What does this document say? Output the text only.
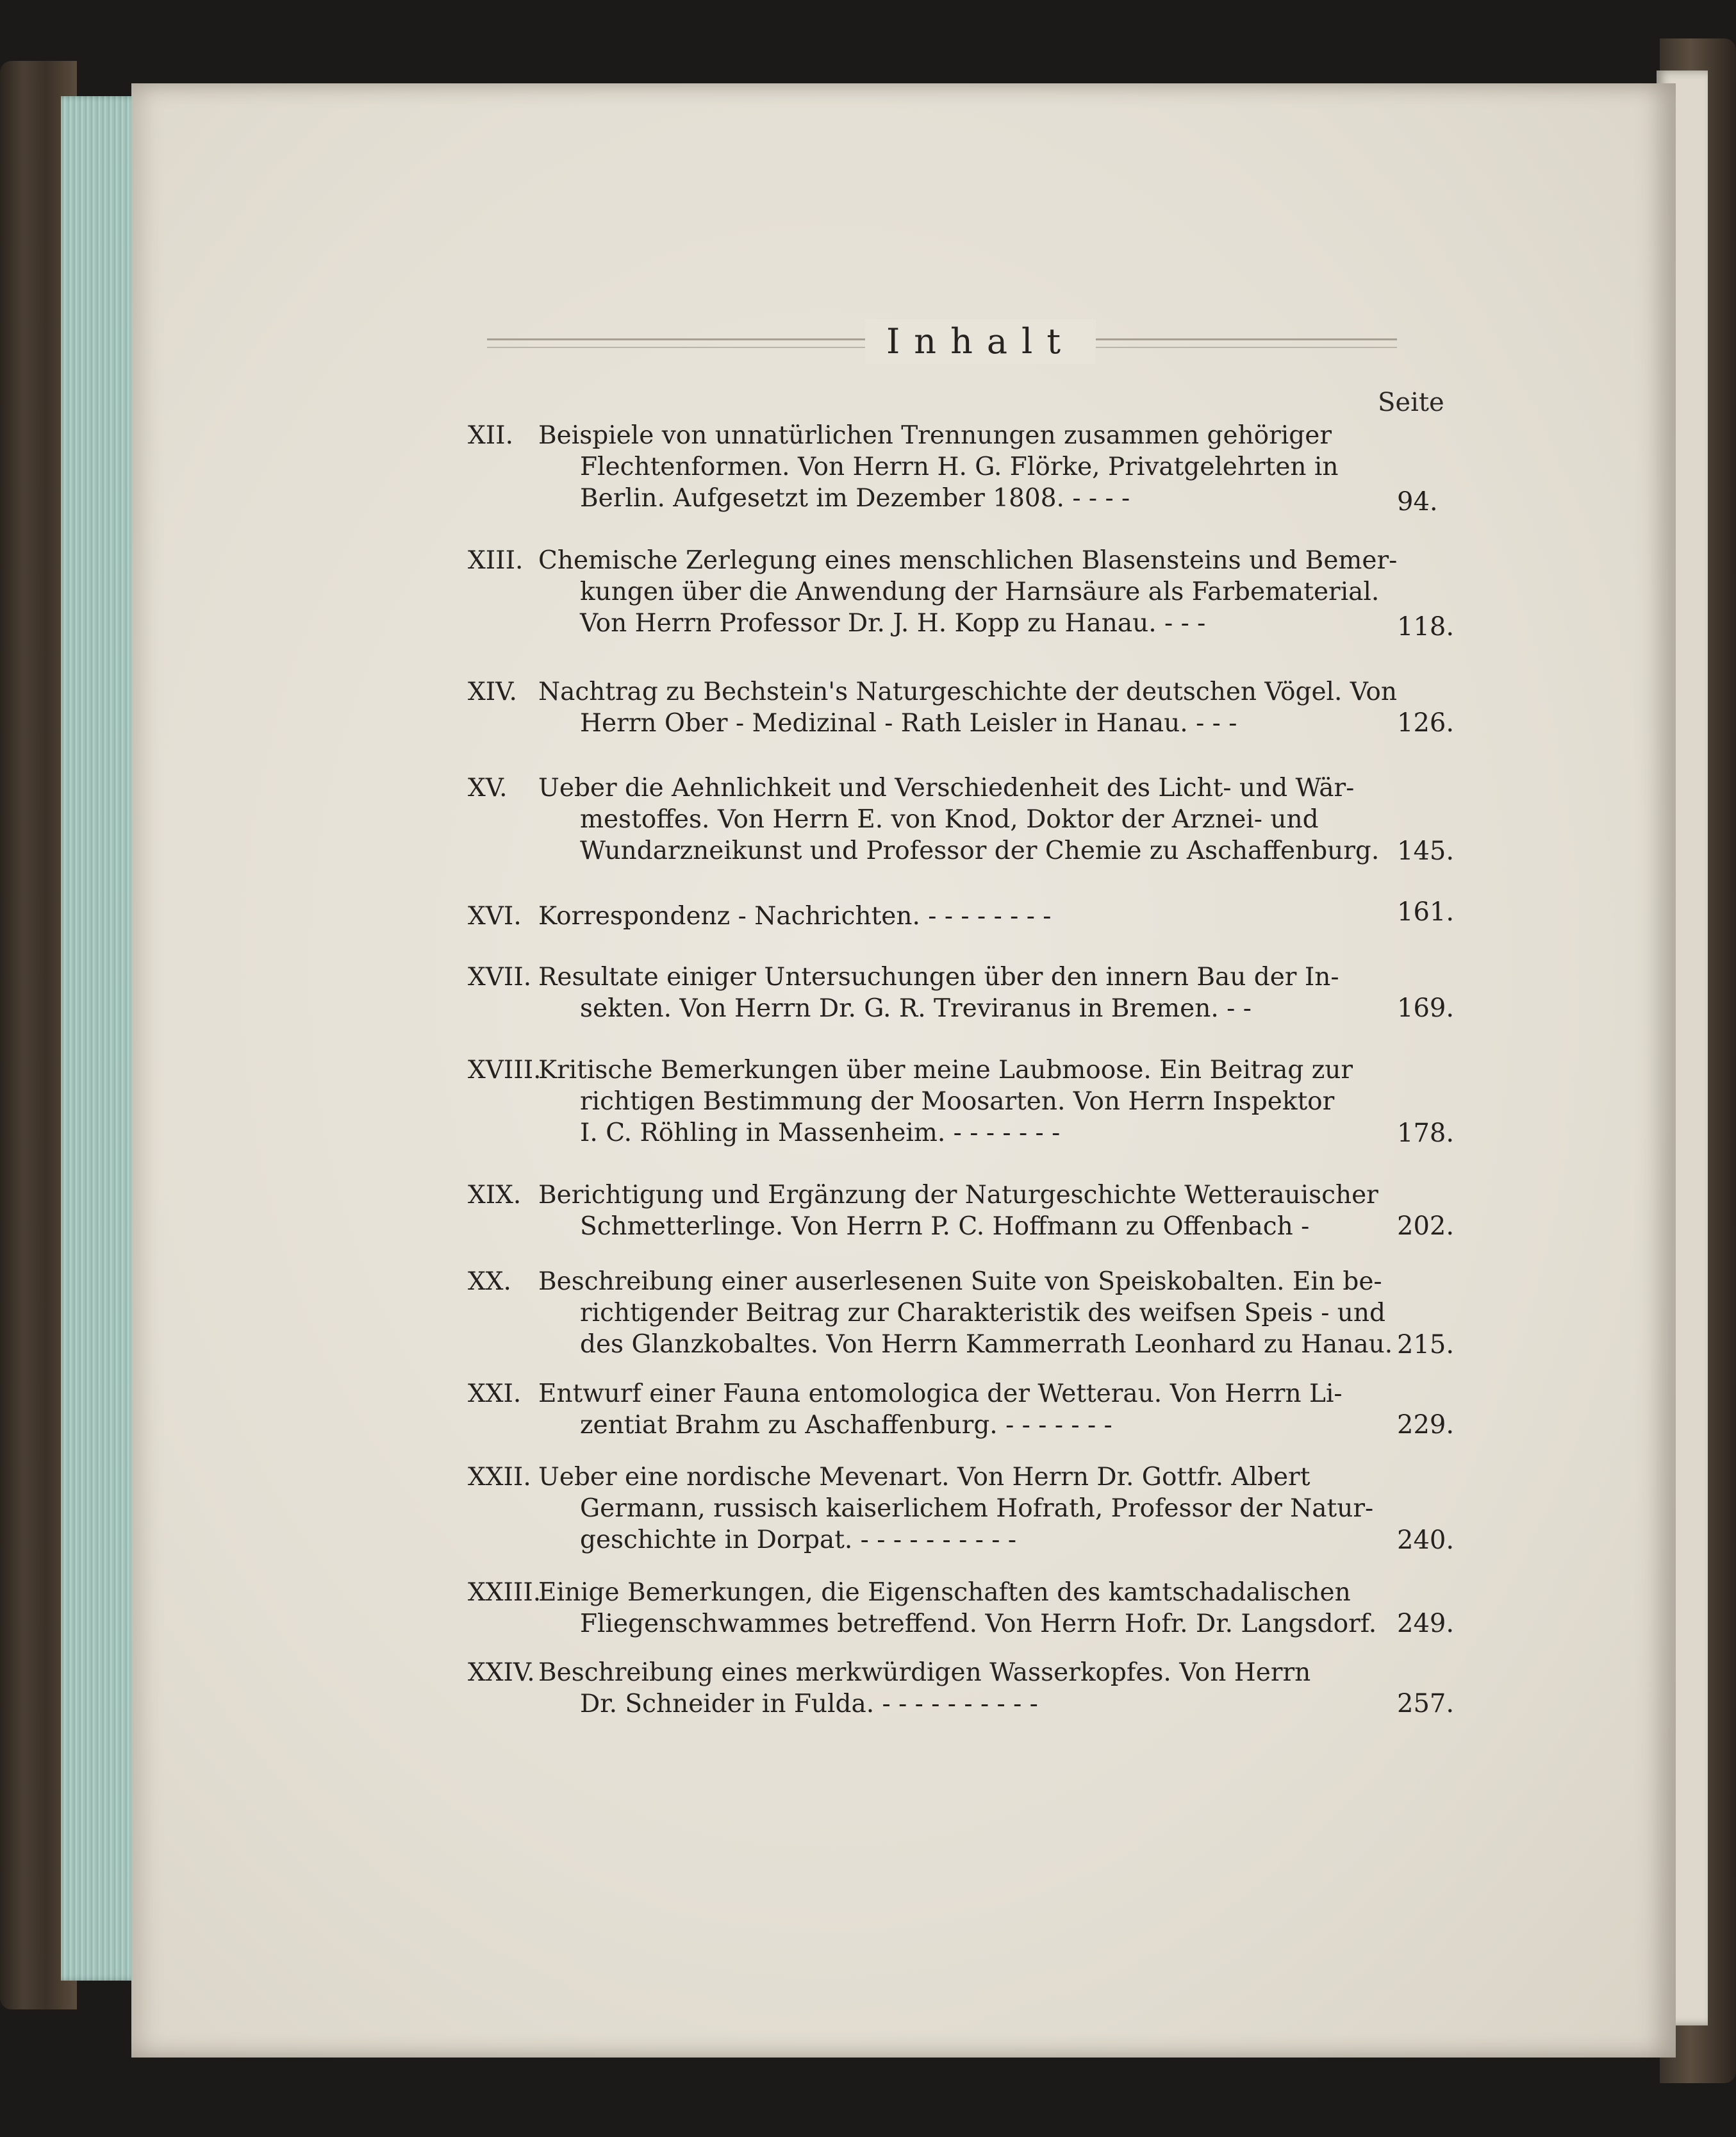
Inhalt
Seite
XII. Beispiele von unnatürlichen Trennungen zusammen gehöriger
Flechtenformen. Von Herrn H. G. Flörke, Privatgelehrten in
Berlin. Aufgesetzt im Dezember 1808. - - - -	94.
XIII. Chemische Zerlegung eines menschlichen Blasensteins und Bemer-
kungen über die Anwendung der Harnsäure als Farbematerial.
Von Herrn Professor Dr. J. H. Kopp zu Hanau. - - -	118.
XIV. Nachtrag zu Bechstein's Naturgeschichte der deutschen Vögel. Von
Herrn Ober - Medizinal - Rath Leisler in Hanau. - - -	126.
XV. Ueber die Aehnlichkeit und Verschiedenheit des Licht- und Wär-
mestoffes. Von Herrn E. von Knod, Doktor der Arznei- und
Wundarzneikunst und Professor der Chemie zu Aschaffenburg. 145.
XVI. Korrespondenz - Nachrichten. - - - - - - - -	161.
XVII. Resultate einiger Untersuchungen über den innern Bau der In-
sekten. Von Herrn Dr. G. R. Treviranus in Bremen. - -	169.
XVIII.
Kritische Bemerkungen über meine Laubmoose. Ein Beitrag zur
richtigen Bestimmung der Moosarten. Von Herrn Inspektor
I. C. Röhling in Massenheim. - - - - - - -	178.
XIX. Berichtigung und Ergänzung der Naturgeschichte Wetterauischer
Schmetterlinge. Von Herrn P. C. Hoffmann zu Offenbach -	202.
XX. Beschreibung einer auserlesenen Suite von Speiskobalten. Ein be-
richtigender Beitrag zur Charakteristik des weifsen Speis - und
des Glanzkobaltes. Von Herrn Kammerrath Leonhard zu Hanau. 215.
XXI. Entwurf einer Fauna entomologica der Wetterau. Von Herrn Li-
zentiat Brahm zu Aschaffenburg. - - - - - - -	229.
XXII. Ueber eine nordische Mevenart. Von Herrn Dr. Gottfr. Albert
Germann, russisch kaiserlichem Hofrath, Professor der Natur-
geschichte in Dorpat. - - - - - - - - - -	240.
XXIII.
Einige Bemerkungen, die Eigenschaften des kamtschadalischen
Fliegenschwammes betreffend. Von Herrn Hofr. Dr. Langsdorf. 249.
XXIV. Beschreibung eines merkwürdigen Wasserkopfes. Von Herrn
Dr. Schneider in Fulda. - - - - - - - - - -	257.
